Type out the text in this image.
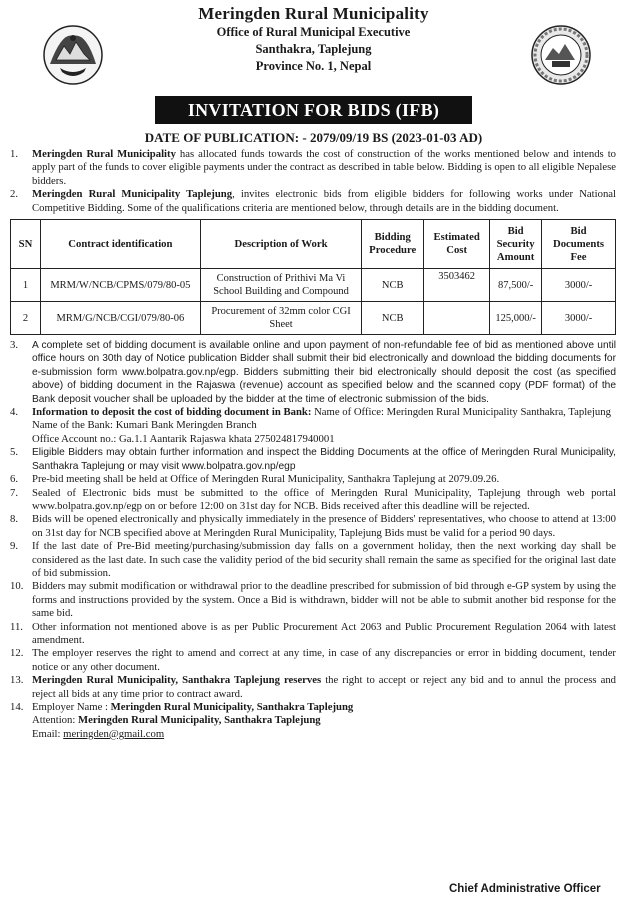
Meringden Rural Municipality
Office of Rural Municipal Executive
Santhakra, Taplejung
Province No. 1, Nepal
INVITATION FOR BIDS (IFB)
DATE OF PUBLICATION: - 2079/09/19 BS (2023-01-03 AD)
1.	Meringden Rural Municipality has allocated funds towards the cost of construction of the works mentioned below and intends to apply part of the funds to cover eligible payments under the contract as described in table below. Bidding is open to all eligible Nepalese bidders.
2.	Meringden Rural Municipality Taplejung, invites electronic bids from eligible bidders for following works under National Competitive Bidding. Some of the qualifications criteria are mentioned below, through details are in the bidding document.
SN	Contract identification	Description of Work	Bidding Procedure	Estimated Cost	Bid Security Amount	Bid Documents Fee
1	MRM/W/NCB/CPMS/079/80-05	Construction of Prithivi Ma Vi School Building and Compound	NCB	3503462	87,500/-	3000/-
2	MRM/G/NCB/CGI/079/80-06	Procurement of 32mm color CGI Sheet	NCB		125,000/-	3000/-
3.	A complete set of bidding document is available online and upon payment of non-refundable fee of bid as mentioned above until office hours on 30th day of Notice publication Bidder shall submit their bid electronically and download the bidding documents for e-submission form www.bolpatra.gov.np/egp. Bidders submitting their bid electronically should deposit the cost (as specified above) of bidding document in the Rajaswa (revenue) account as specified below and the scanned copy (PDF format) of the Bank deposit voucher shall be uploaded by the bidder at the time of electronic submission of the bids.
4.	Information to deposit the cost of bidding document in Bank: Name of Office: Meringden Rural Municipality Santhakra, Taplejung
Name of the Bank: Kumari Bank Meringden Branch
Office Account no.: Ga.1.1 Aantarik Rajaswa khata 275024817940001
5.	Eligible Bidders may obtain further information and inspect the Bidding Documents at the office of Meringden Rural Municipality, Santhakra Taplejung or may visit www.bolpatra.gov.np/egp
6.	Pre-bid meeting shall be held at Office of Meringden Rural Municipality, Santhakra Taplejung at 2079.09.26.
7.	Sealed of Electronic bids must be submitted to the office of Meringden Rural Municipality, Taplejung through web portal www.bolpatra.gov.np/egp on or before 12:00 on 31st day for NCB. Bids received after this deadline will be rejected.
8.	Bids will be opened electronically and physically immediately in the presence of Bidders' representatives, who choose to attend at 13:00 on 31st day for NCB specified above at Meringden Rural Municipality, Taplejung Bids must be valid for a period 90 days.
9.	If the last date of Pre-Bid meeting/purchasing/submission day falls on a government holiday, then the next working day shall be considered as the last date. In such case the validity period of the bid security shall remain the same as specified for the original last date of bid submission.
10. Bidders may submit modification or withdrawal prior to the deadline prescribed for submission of bid through e-GP system by using the forms and instructions provided by the system. Once a Bid is withdrawn, bidder will not be able to submit another bid response for the same bid.
11. Other information not mentioned above is as per Public Procurement Act 2063 and Public Procurement Regulation 2064 with latest amendment.
12. The employer reserves the right to amend and correct at any time, in case of any discrepancies or error in bidding document, tender notice or any other document.
13. Meringden Rural Municipality, Santhakra Taplejung reserves the right to accept or reject any bid and to annul the process and reject all bids at any time prior to contract award.
14. Employer Name : Meringden Rural Municipality, Santhakra Taplejung
Attention: Meringden Rural Municipality, Santhakra Taplejung
Email: meringden@gmail.com
Chief Administrative Officer
